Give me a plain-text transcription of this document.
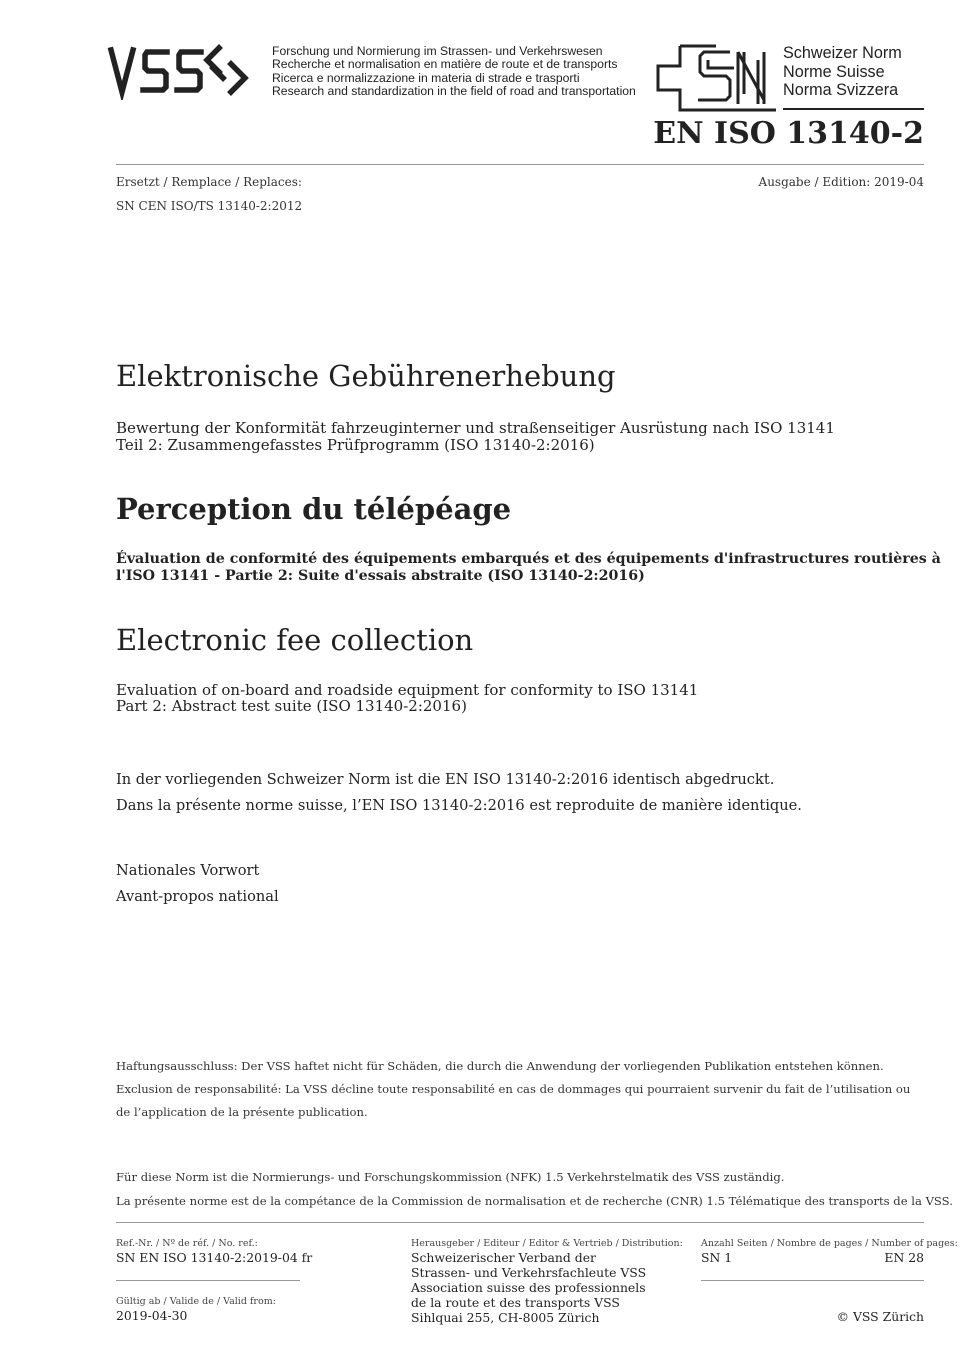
Forschung und Normierung im Strassen- und Verkehrswesen
Recherche et normalisation en matière de route et de transports
Ricerca e normalizzazione in materia di strade e trasporti
Research and standardization in the field of road and transportation
Schweizer Norm
Norme Suisse
Norma Svizzera
EN ISO 13140-2
Ersetzt / Remplace / Replaces:	Ausgabe / Edition: 2019-04
SN CEN ISO/TS 13140-2:2012
Elektronische Gebührenerhebung
Bewertung der Konformität fahrzeuginterner und straßenseitiger Ausrüstung nach ISO 13141
Teil 2: Zusammengefasstes Prüfprogramm (ISO 13140-2:2016)
Perception du télépéage
Évaluation de conformité des équipements embarqués et des équipements d'infrastructures routières à
l'ISO 13141 - Partie 2: Suite d'essais abstraite (ISO 13140-2:2016)
Electronic fee collection
Evaluation of on-board and roadside equipment for conformity to ISO 13141
Part 2: Abstract test suite (ISO 13140-2:2016)
In der vorliegenden Schweizer Norm ist die EN ISO 13140-2:2016 identisch abgedruckt.
Dans la présente norme suisse, l’EN ISO 13140-2:2016 est reproduite de manière identique.
Nationales Vorwort
Avant-propos national
Haftungsausschluss: Der VSS haftet nicht für Schäden, die durch die Anwendung der vorliegenden Publikation entstehen können.
Exclusion de responsabilité: La VSS décline toute responsabilité en cas de dommages qui pourraient survenir du fait de l’utilisation ou
de l’application de la présente publication.
Für diese Norm ist die Normierungs- und Forschungskommission (NFK) 1.5 Verkehrstelmatik des VSS zuständig.
La présente norme est de la compétance de la Commission de normalisation et de recherche (CNR) 1.5 Télématique des transports de la VSS.
Ref.-Nr. / Nº de réf. / No. ref.:
SN EN ISO 13140-2:2019-04 fr
Gültig ab / Valide de / Valid from:
2019-04-30
Herausgeber / Editeur / Editor & Vertrieb / Distribution:
Schweizerischer Verband der
Strassen- und Verkehrsfachleute VSS
Association suisse des professionnels
de la route et des transports VSS
Sihlquai 255, CH-8005 Zürich
Anzahl Seiten / Nombre de pages / Number of pages:
SN 1	EN 28
© VSS Zürich
